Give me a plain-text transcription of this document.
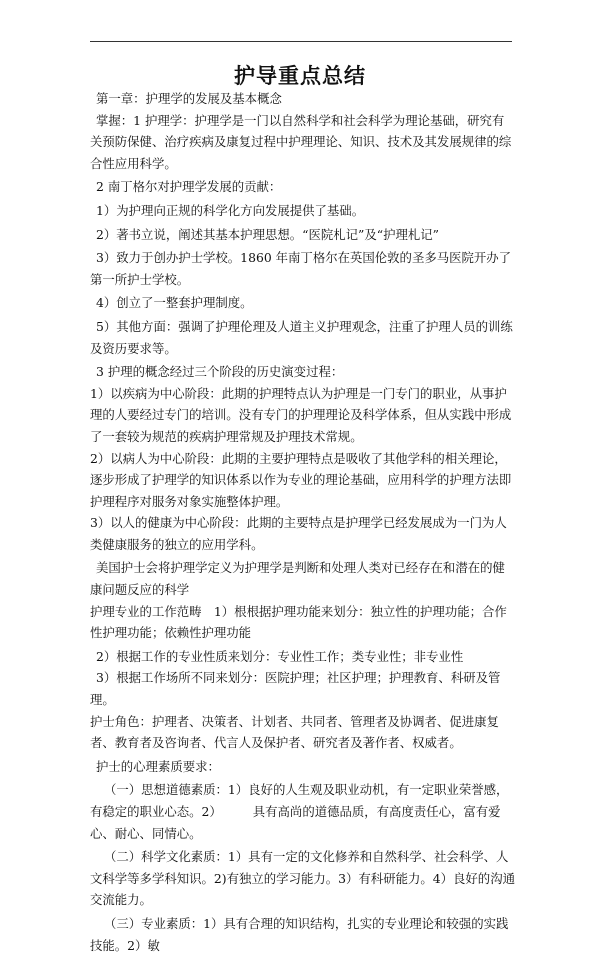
护导重点总结

第一章：护理学的发展及基本概念

掌握：1 护理学：护理学是一门以自然科学和社会科学为理论基础，研究有关预防保健、治疗疾病及康复过程中护理理论、知识、技术及其发展规律的综合性应用科学。

2 南丁格尔对护理学发展的贡献：

1）为护理向正规的科学化方向发展提供了基础。

2）著书立说，阐述其基本护理思想。“医院札记”及“护理札记”

3）致力于创办护士学校。1860 年南丁格尔在英国伦敦的圣多马医院开办了第一所护士学校。

4）创立了一整套护理制度。

5）其他方面：强调了护理伦理及人道主义护理观念，注重了护理人员的训练及资历要求等。

3 护理的概念经过三个阶段的历史演变过程：

1）以疾病为中心阶段：此期的护理特点认为护理是一门专门的职业，从事护理的人要经过专门的培训。没有专门的护理理论及科学体系，但从实践中形成了一套较为规范的疾病护理常规及护理技术常规。

2）以病人为中心阶段：此期的主要护理特点是吸收了其他学科的相关理论，逐步形成了护理学的知识体系以作为专业的理论基础，应用科学的护理方法即护理程序对服务对象实施整体护理。

3）以人的健康为中心阶段：此期的主要特点是护理学已经发展成为一门为人类健康服务的独立的应用学科。

美国护士会将护理学定义为护理学是判断和处理人类对已经存在和潜在的健康问题反应的科学

护理专业的工作范畴　1）根根据护理功能来划分：独立性的护理功能；合作性护理功能；依赖性护理功能

2）根据工作的专业性质来划分：专业性工作；类专业性；非专业性

3）根据工作场所不同来划分：医院护理；社区护理；护理教育、科研及管理。

护士角色：护理者、决策者、计划者、共同者、管理者及协调者、促进康复者、教育者及咨询者、代言人及保护者、研究者及著作者、权威者。

护士的心理素质要求：

（一）思想道德素质：1）良好的人生观及职业动机，有一定职业荣誉感，有稳定的职业心态。2）　　　具有高尚的道德品质，有高度责任心，富有爱心、耐心、同情心。

（二）科学文化素质：1）具有一定的文化修养和自然科学、社会科学、人文科学等多学科知识。2)有独立的学习能力。3）有科研能力。4）良好的沟通交流能力。

（三）专业素质：1）具有合理的知识结构，扎实的专业理论和较强的实践技能。2）敏
